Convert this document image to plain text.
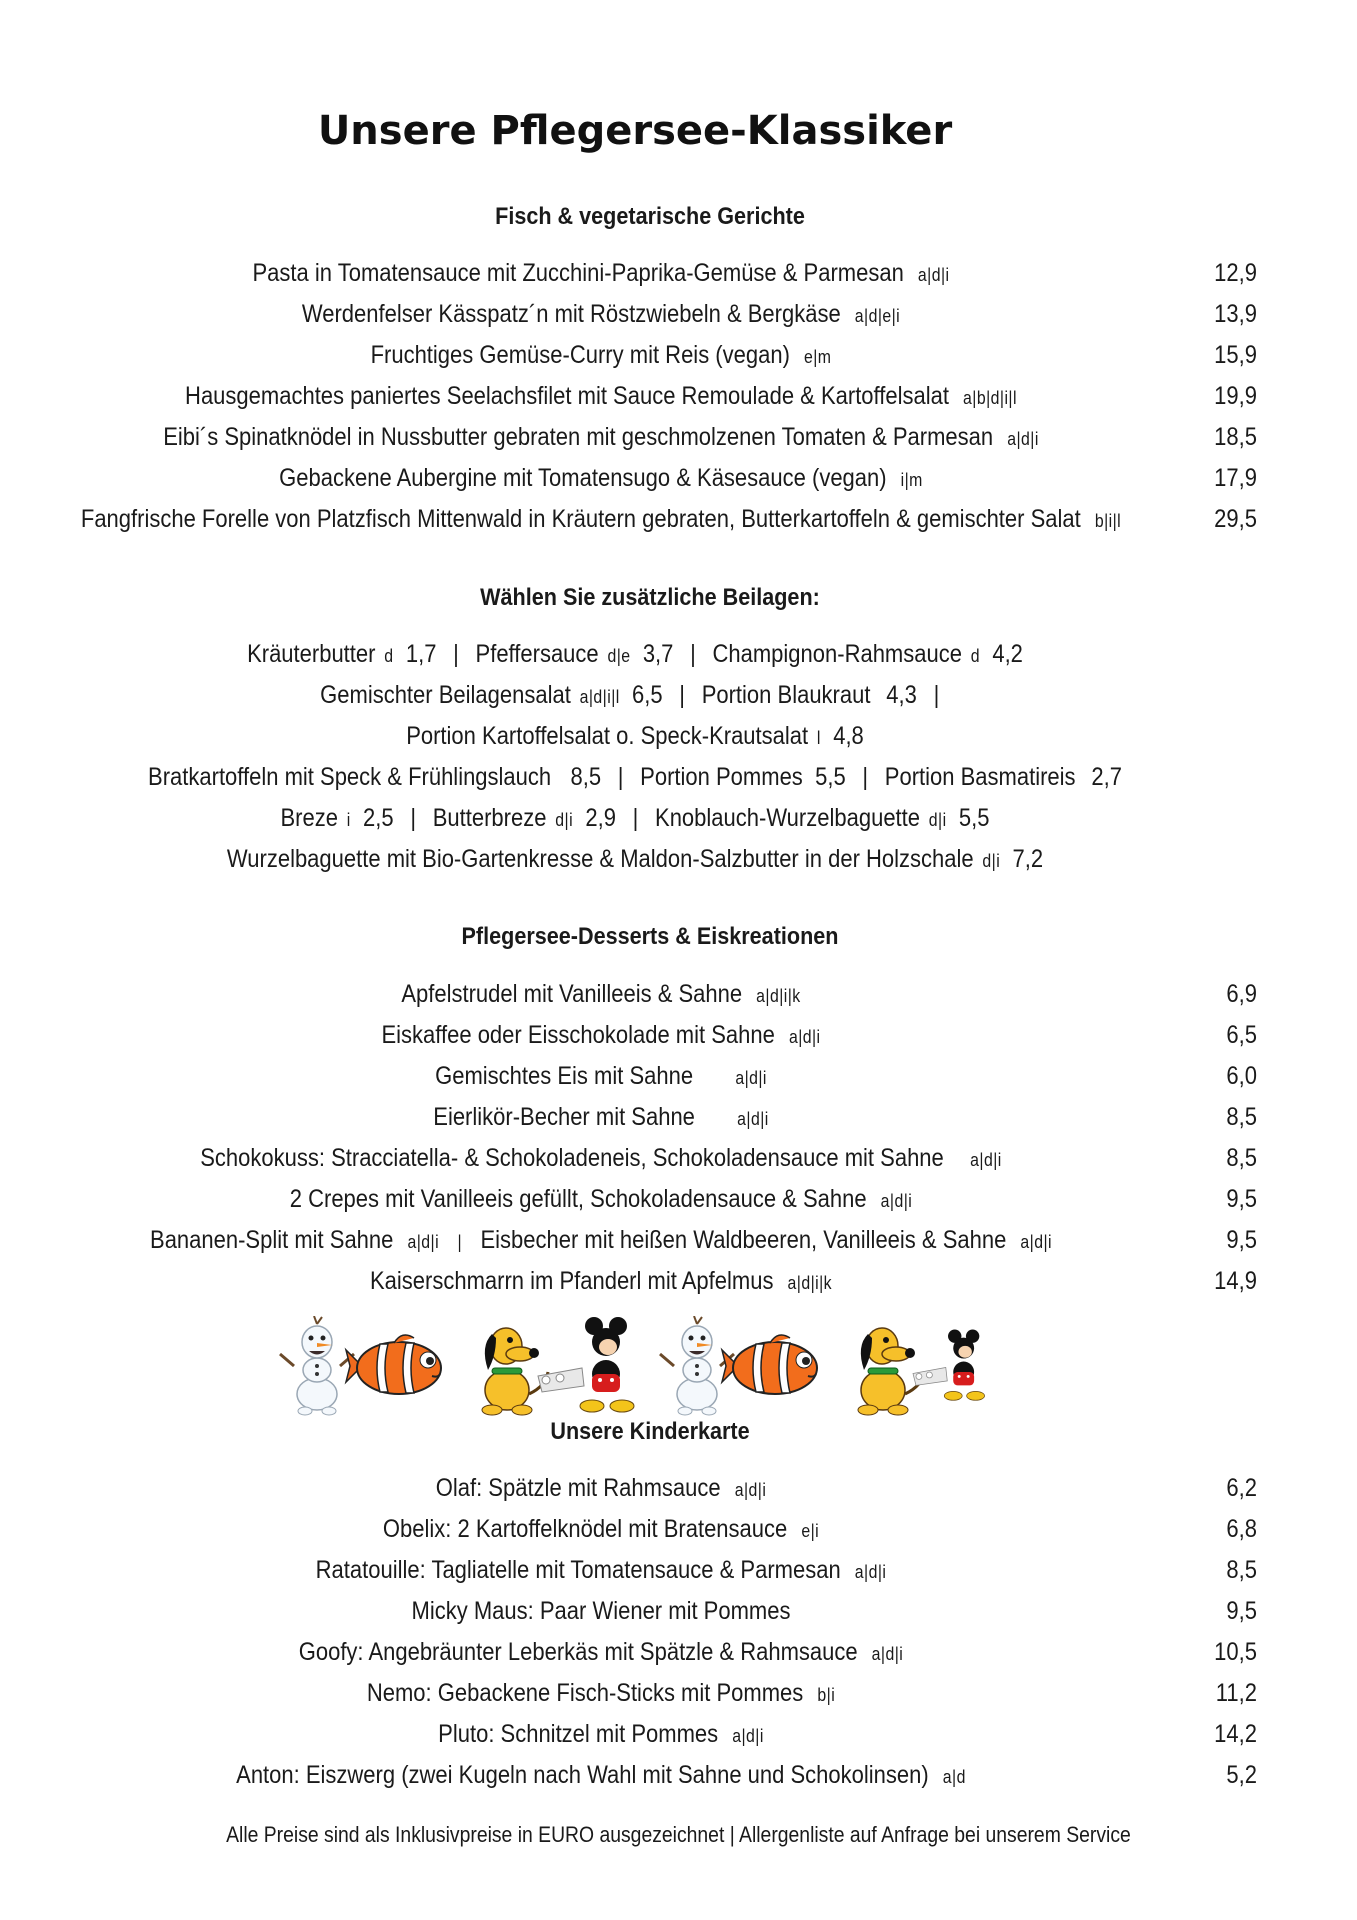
Unsere Pflegersee-Klassiker
Fisch & vegetarische Gerichte
Pasta in Tomatensauce mit Zucchini-Paprika-Gemüse & Parmesan a|d|i	12,9
Werdenfelser Kässpatz´n mit Röstzwiebeln & Bergkäse a|d|e|i	13,9
Fruchtiges Gemüse-Curry mit Reis (vegan) e|m	15,9
Hausgemachtes paniertes Seelachsfilet mit Sauce Remoulade & Kartoffelsalat a|b|d|i|l	19,9
Eibi´s Spinatknödel in Nussbutter gebraten mit geschmolzenen Tomaten & Parmesan a|d|i	18,5
Gebackene Aubergine mit Tomatensugo & Käsesauce (vegan) i|m	17,9
Fangfrische Forelle von Platzfisch Mittenwald in Kräutern gebraten, Butterkartoffeln & gemischter Salat b|i|l	29,5
Wählen Sie zusätzliche Beilagen:
Kräuterbutter d 1,7 | Pfeffersauce d|e 3,7 | Champignon-Rahmsauce d 4,2
Gemischter Beilagensalat a|d|i|l 6,5 | Portion Blaukraut 4,3 |
Portion Kartoffelsalat o. Speck-Krautsalat l 4,8
Bratkartoffeln mit Speck & Frühlingslauch 8,5 | Portion Pommes 5,5 | Portion Basmatireis 2,7
Breze i 2,5 | Butterbreze d|i 2,9 | Knoblauch-Wurzelbaguette d|i 5,5
Wurzelbaguette mit Bio-Gartenkresse & Maldon-Salzbutter in der Holzschale d|i 7,2
Pflegersee-Desserts & Eiskreationen
Apfelstrudel mit Vanilleeis & Sahne a|d|i|k	6,9
Eiskaffee oder Eisschokolade mit Sahne a|d|i	6,5
Gemischtes Eis mit Sahne a|d|i	6,0
Eierlikör-Becher mit Sahne a|d|i	8,5
Schokokuss: Stracciatella- & Schokoladeneis, Schokoladensauce mit Sahne a|d|i	8,5
2 Crepes mit Vanilleeis gefüllt, Schokoladensauce & Sahne a|d|i	9,5
Bananen-Split mit Sahne a|d|i | Eisbecher mit heißen Waldbeeren, Vanilleeis & Sahne a|d|i	9,5
Kaiserschmarrn im Pfanderl mit Apfelmus a|d|i|k	14,9
Unsere Kinderkarte
Olaf: Spätzle mit Rahmsauce a|d|i	6,2
Obelix: 2 Kartoffelknödel mit Bratensauce e|i	6,8
Ratatouille: Tagliatelle mit Tomatensauce & Parmesan a|d|i	8,5
Micky Maus: Paar Wiener mit Pommes	9,5
Goofy: Angebräunter Leberkäs mit Spätzle & Rahmsauce a|d|i	10,5
Nemo: Gebackene Fisch-Sticks mit Pommes b|i	11,2
Pluto: Schnitzel mit Pommes a|d|i	14,2
Anton: Eiszwerg (zwei Kugeln nach Wahl mit Sahne und Schokolinsen) a|d	5,2
Alle Preise sind als Inklusivpreise in EURO ausgezeichnet | Allergenliste auf Anfrage bei unserem Service
